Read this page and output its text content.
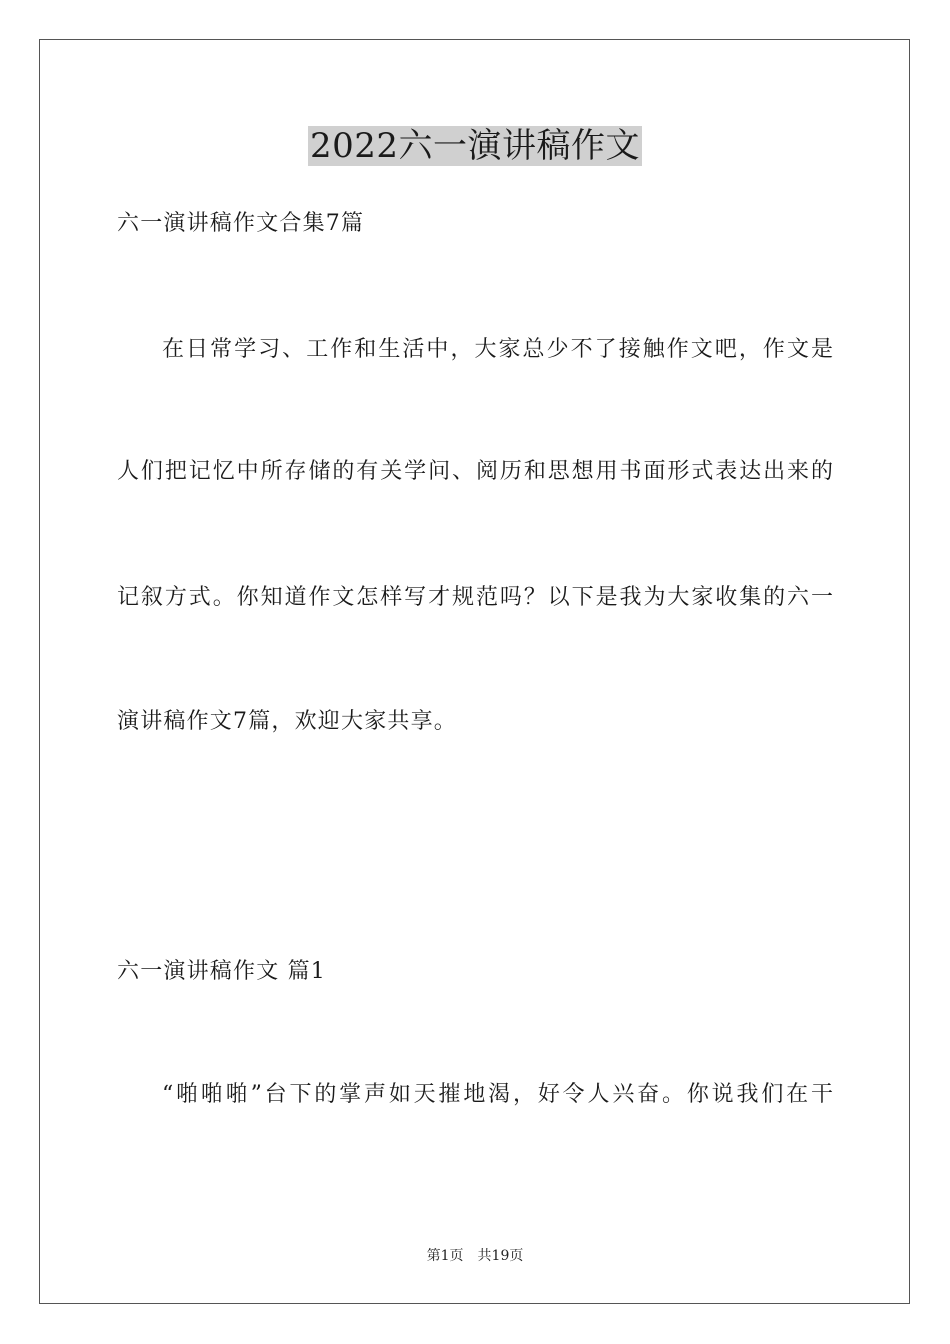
2022六一演讲稿作文
六一演讲稿作文合集7篇
在日常学习、工作和生活中，大家总少不了接触作文吧，作文是
人们把记忆中所存储的有关学问、阅历和思想用书面形式表达出来的
记叙方式。你知道作文怎样写才规范吗？以下是我为大家收集的六一
演讲稿作文7篇，欢迎大家共享。
六一演讲稿作文 篇1
“啪啪啪”台下的掌声如天摧地渴，好令人兴奋。你说我们在干
第1页 共19页
